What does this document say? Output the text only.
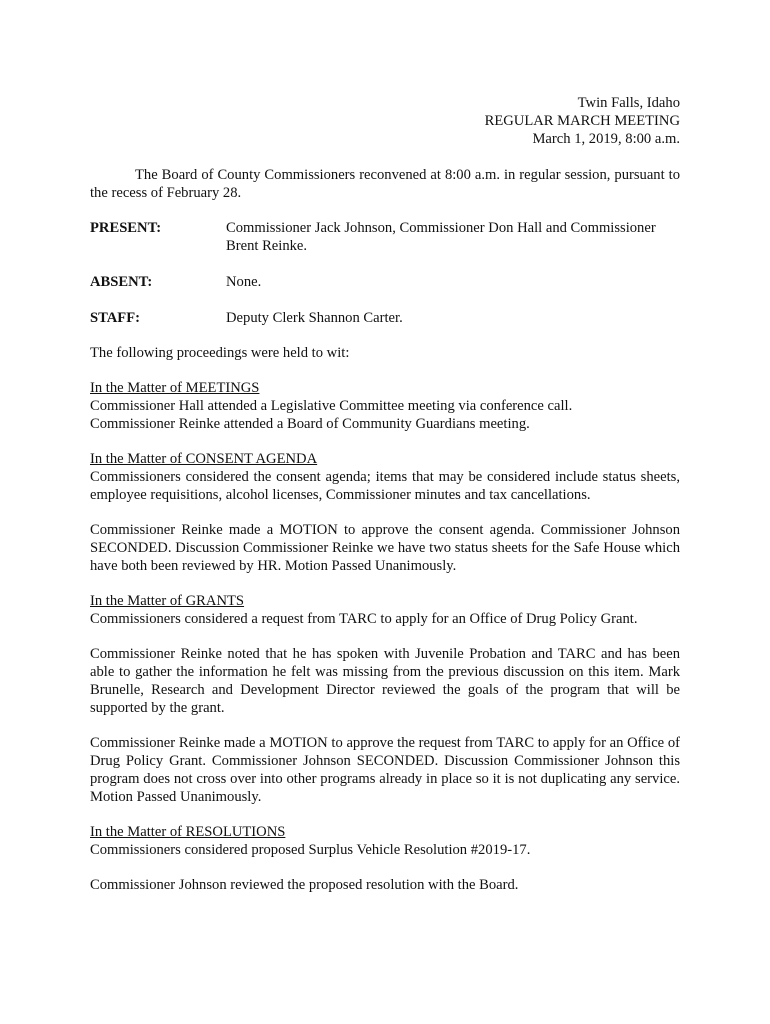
Twin Falls, Idaho
REGULAR MARCH MEETING
March 1, 2019, 8:00 a.m.

The Board of County Commissioners reconvened at 8:00 a.m. in regular session, pursuant to the recess of February 28.

PRESENT:	Commissioner Jack Johnson, Commissioner Don Hall and Commissioner Brent Reinke.
ABSENT:	None.
STAFF:	Deputy Clerk Shannon Carter.

The following proceedings were held to wit:

In the Matter of MEETINGS

Commissioner Hall attended a Legislative Committee meeting via conference call.

Commissioner Reinke attended a Board of Community Guardians meeting.

In the Matter of CONSENT AGENDA

Commissioners considered the consent agenda; items that may be considered include status sheets, employee requisitions, alcohol licenses, Commissioner minutes and tax cancellations.

Commissioner Reinke made a MOTION to approve the consent agenda. Commissioner Johnson SECONDED. Discussion Commissioner Reinke we have two status sheets for the Safe House which have both been reviewed by HR. Motion Passed Unanimously.

In the Matter of GRANTS

Commissioners considered a request from TARC to apply for an Office of Drug Policy Grant.

Commissioner Reinke noted that he has spoken with Juvenile Probation and TARC and has been able to gather the information he felt was missing from the previous discussion on this item. Mark Brunelle, Research and Development Director reviewed the goals of the program that will be supported by the grant.

Commissioner Reinke made a MOTION to approve the request from TARC to apply for an Office of Drug Policy Grant. Commissioner Johnson SECONDED. Discussion Commissioner Johnson this program does not cross over into other programs already in place so it is not duplicating any service. Motion Passed Unanimously.

In the Matter of RESOLUTIONS

Commissioners considered proposed Surplus Vehicle Resolution #2019-17.

Commissioner Johnson reviewed the proposed resolution with the Board.
